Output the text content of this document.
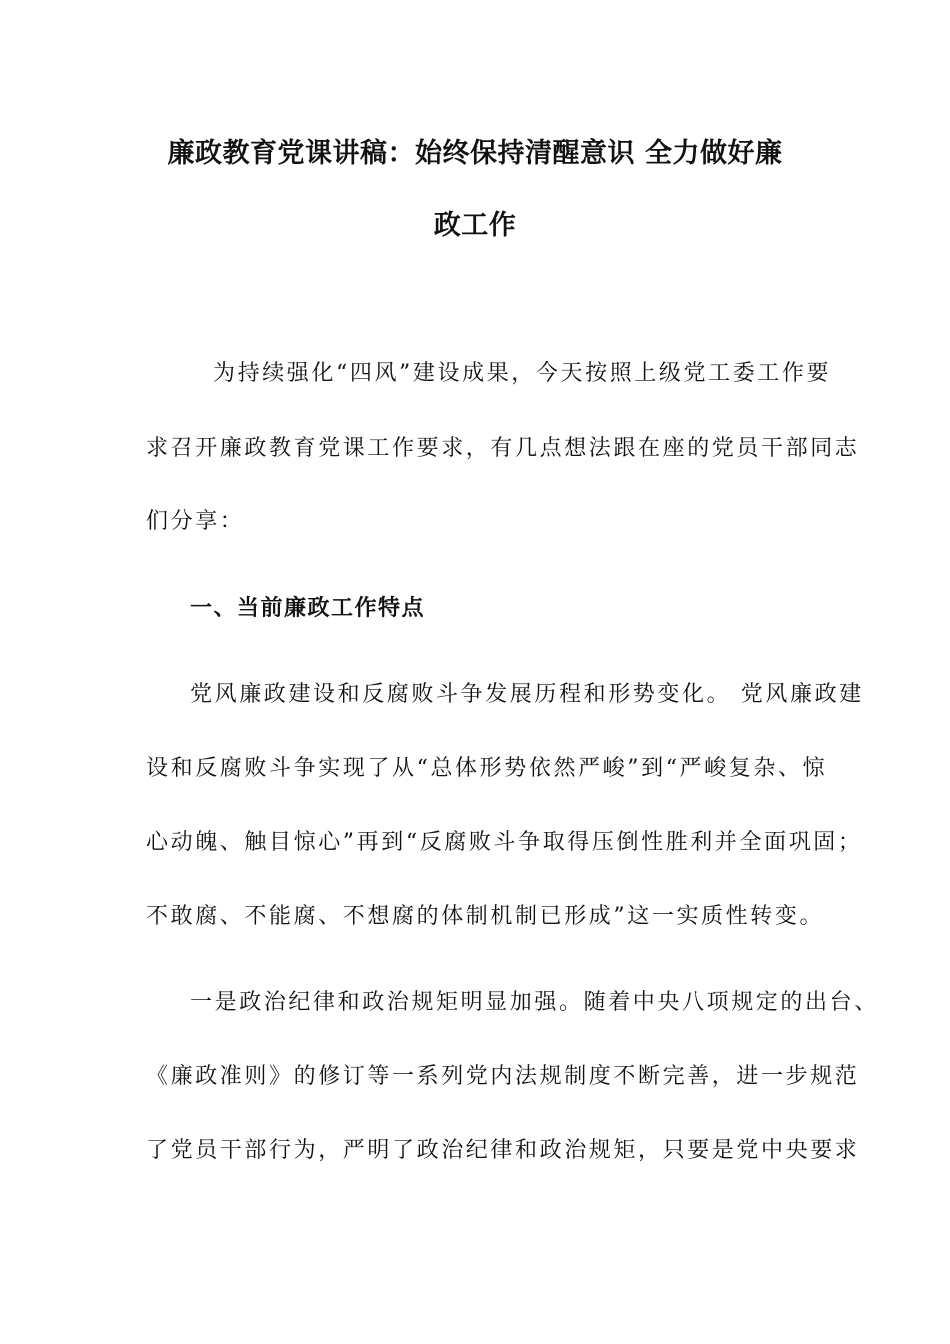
廉政教育党课讲稿：始终保持清醒意识 全力做好廉
政工作
为持续强化“四风”建设成果，今天按照上级党工委工作要
求召开廉政教育党课工作要求，有几点想法跟在座的党员干部同志
们分享：
一、当前廉政工作特点
党风廉政建设和反腐败斗争发展历程和形势变化。 党风廉政建
设和反腐败斗争实现了从“总体形势依然严峻”到“严峻复杂、惊
心动魄、触目惊心”再到“反腐败斗争取得压倒性胜利并全面巩固；
不敢腐、不能腐、不想腐的体制机制已形成”这一实质性转变。
一是政治纪律和政治规矩明显加强。随着中央八项规定的出台、
《廉政准则》的修订等一系列党内法规制度不断完善，进一步规范
了党员干部行为，严明了政治纪律和政治规矩，只要是党中央要求
